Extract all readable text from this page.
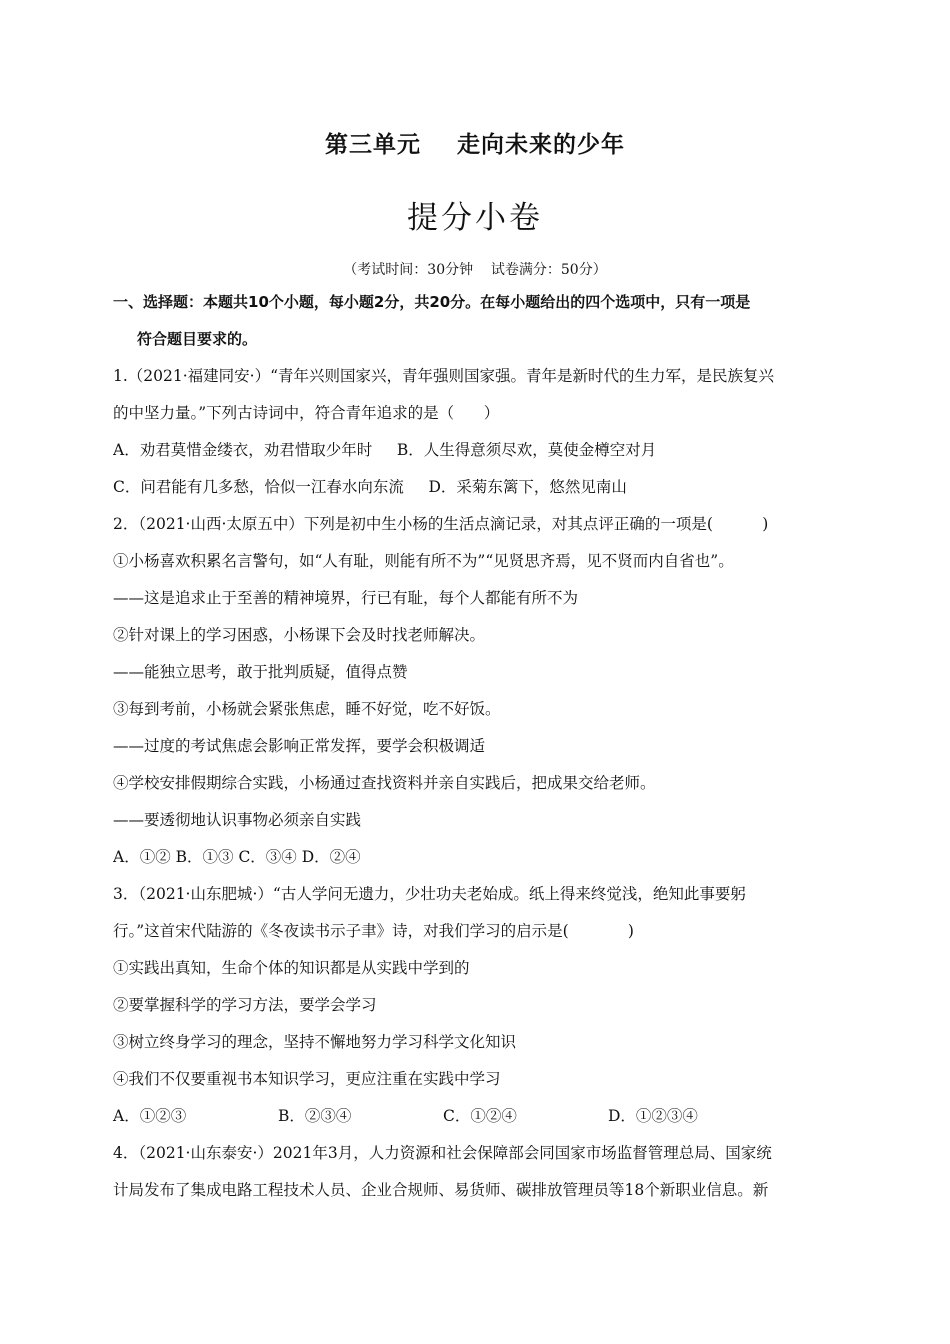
第三单元    走向未来的少年
提分小卷
（考试时间：30分钟    试卷满分：50分）
一、选择题：本题共10个小题，每小题2分，共20分。在每小题给出的四个选项中，只有一项是
符合题目要求的。
1.（2021·福建同安·）“青年兴则国家兴，青年强则国家强。青年是新时代的生力军，是民族复兴
的中坚力量。”下列古诗词中，符合青年追求的是（      ）
A．劝君莫惜金缕衣，劝君惜取少年时     B．人生得意须尽欢，莫使金樽空对月
C．问君能有几多愁，恰似一江春水向东流     D．采菊东篱下，悠然见南山
2．（2021·山西·太原五中）下列是初中生小杨的生活点滴记录，对其点评正确的一项是(          )
①小杨喜欢积累名言警句，如“人有耻，则能有所不为”“见贤思齐焉，见不贤而内自省也”。
——这是追求止于至善的精神境界，行已有耻，每个人都能有所不为
②针对课上的学习困惑，小杨课下会及时找老师解决。
——能独立思考，敢于批判质疑，值得点赞
③每到考前，小杨就会紧张焦虑，睡不好觉，吃不好饭。
——过度的考试焦虑会影响正常发挥，要学会积极调适
④学校安排假期综合实践，小杨通过查找资料并亲自实践后，把成果交给老师。
——要透彻地认识事物必须亲自实践
A．①② B．①③ C．③④ D．②④
3．（2021·山东肥城·）“古人学问无遗力，少壮功夫老始成。纸上得来终觉浅，绝知此事要躬
行。”这首宋代陆游的《冬夜读书示子聿》诗，对我们学习的启示是(            )
①实践出真知，生命个体的知识都是从实践中学到的
②要掌握科学的学习方法，要学会学习
③树立终身学习的理念，坚持不懈地努力学习科学文化知识
④我们不仅要重视书本知识学习，更应注重在实践中学习

A．①②③

	B．②③④

	C．①②④

	D．①②③④

4．（2021·山东泰安·）2021年3月，人力资源和社会保障部会同国家市场监督管理总局、国家统
计局发布了集成电路工程技术人员、企业合规师、易货师、碳排放管理员等18个新职业信息。新
